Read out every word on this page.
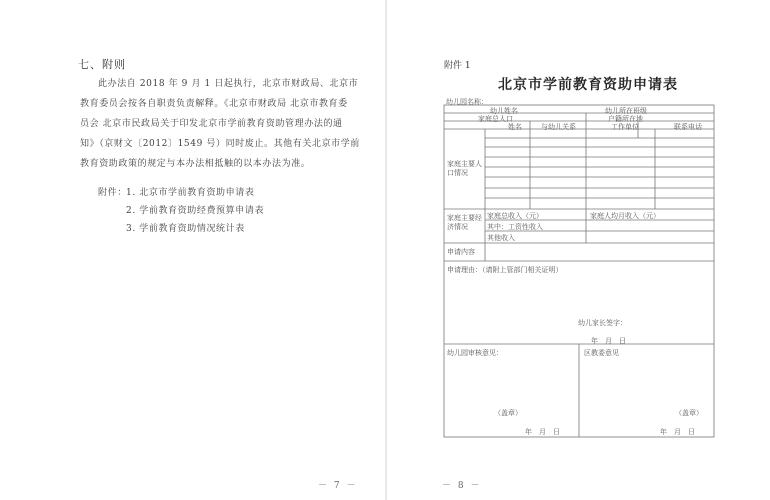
七、附则
此办法自 2018 年 9 月 1 日起执行，北京市财政局、北京市
教育委员会按各自职责负责解释。《北京市财政局 北京市教育委
员会 北京市民政局关于印发北京市学前教育资助管理办法的通
知》（京财文〔2012〕1549 号）同时废止。其他有关北京市学前
教育资助政策的规定与本办法相抵触的以本办法为准。
附件： 1. 北京市学前教育资助申请表
2. 学前教育资助经费预算申请表
3. 学前教育资助情况统计表
－ 7 －
附件 1
北京市学前教育资助申请表
幼儿园名称：
幼儿姓名	幼儿所在班级
家庭总人口	户籍所在地
姓名	与幼儿关系	工作单位	联系电话
家庭主要人口情况
家庭主要经济情况
家庭总收入（元）	家庭人均月收入（元）
其中：工资性收入
其他收入
申请内容
申请理由：（请附上管部门相关证明）
幼儿家长签字：
年　月　日
幼儿园审核意见：	区教委意见
（盖章）	（盖章）
年　月　日	年　月　日
－ 8 －
